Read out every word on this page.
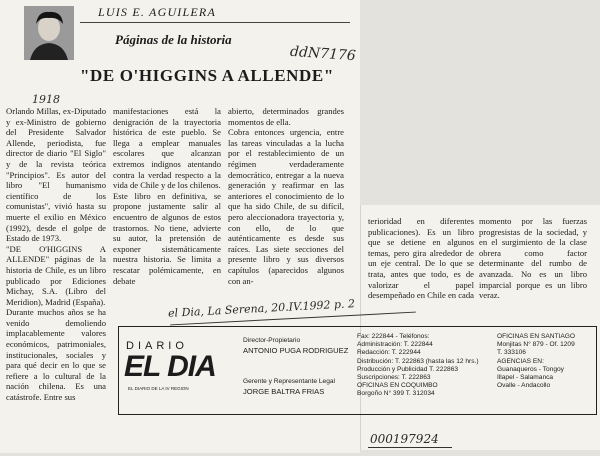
LUIS E. AGUILERA
Páginas de la historia
"DE O'HIGGINS A ALLENDE"
ddN7176
1918
el Dia, La Serena, 20.IV.1992 p. 2
000197924
Orlando Millas, ex-Diputado y ex-Ministro de gobierno del Presidente Salvador Allende, periodista, fue director de diario "El Siglo" y de la revista teórica "Principios". Es autor del libro "El humanismo científico de los comunistas", vivió hasta su muerte el exilio en México (1992), desde el golpe de Estado de 1973.
"DE O'HIGGINS A ALLENDE" páginas de la historia de Chile, es un libro publicado por Ediciones Michay, S.A. (Libro del Meridion), Madrid (España).
Durante muchos años se ha venido demoliendo implacablemente valores económicos, patrimoniales, institucionales, sociales y para qué decir en lo que se refiere a lo cultural de la nación chilena. Es una catástrofe. Entre sus
manifestaciones está la denigración de la trayectoria histórica de este pueblo. Se llega a emplear manuales escolares que alcanzan extremos indignos atentando contra la verdad respecto a la vida de Chile y de los chilenos.
Este libro en definitiva, se propone justamente salir al encuentro de algunos de estos trastornos. No tiene, advierte su autor, la pretensión de exponer sistemáticamente nuestra historia. Se limita a rescatar polémicamente, en debate
abierto, determinados grandes momentos de ella.
Cobra entonces urgencia, entre las tareas vinculadas a la lucha por el restablecimiento de un régimen verdaderamente democrático, entregar a la nueva generación y reafirmar en las anteriores el conocimiento de lo que ha sido Chile, de su difícil, pero aleccionadora trayectoria y, con ello, de lo que auténticamente es desde sus raíces. Las siete secciones del presente libro y sus diversos capítulos (aparecidos algunos con an-
terioridad en diferentes publicaciones). Es un libro que se detiene en algunos temas, pero gira alrededor de un eje central. De lo que se trata, antes que todo, es de valorizar el papel desempeñado en Chile en cada
momento por las fuerzas progresistas de la sociedad, y en el surgimiento de la clase obrera como factor determinante del rumbo de avanzada. No es un libro imparcial porque es un libro veraz.
DIARIO
EL DIA
EL DIARIO DE LA IV REGION
Director-Propietario
ANTONIO PUGA RODRIGUEZ
Gerente y Representante Legal
JORGE BALTRA FRIAS
Fax: 222844 - Teléfonos:
Administración: T. 222844
Redacción: T. 222944
Distribución: T. 222863 (hasta las 12 hrs.)
Producción y Publicidad T. 222863
Suscripciones: T. 222863
OFICINAS EN COQUIMBO
Borgoño N° 399 T. 312034
OFICINAS EN SANTIAGO
Monjitas N° 879 - Of. 1209
T. 333106
AGENCIAS EN:
Guanaqueros - Tongoy
Illapel - Salamanca
Ovalle - Andacollo
